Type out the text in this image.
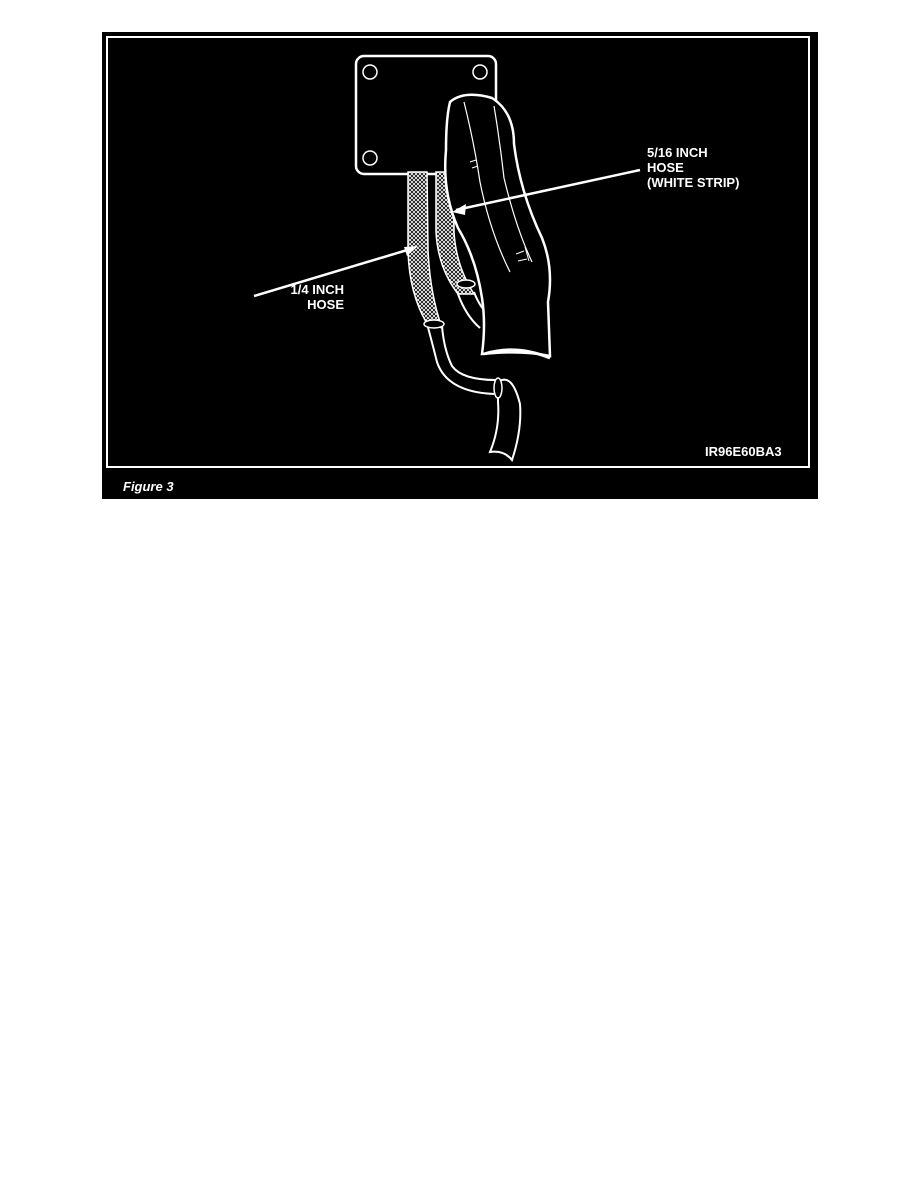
1/4 INCH
HOSE
5/16 INCH
HOSE
(WHITE STRIP)
IR96E60BA3
Figure 3
